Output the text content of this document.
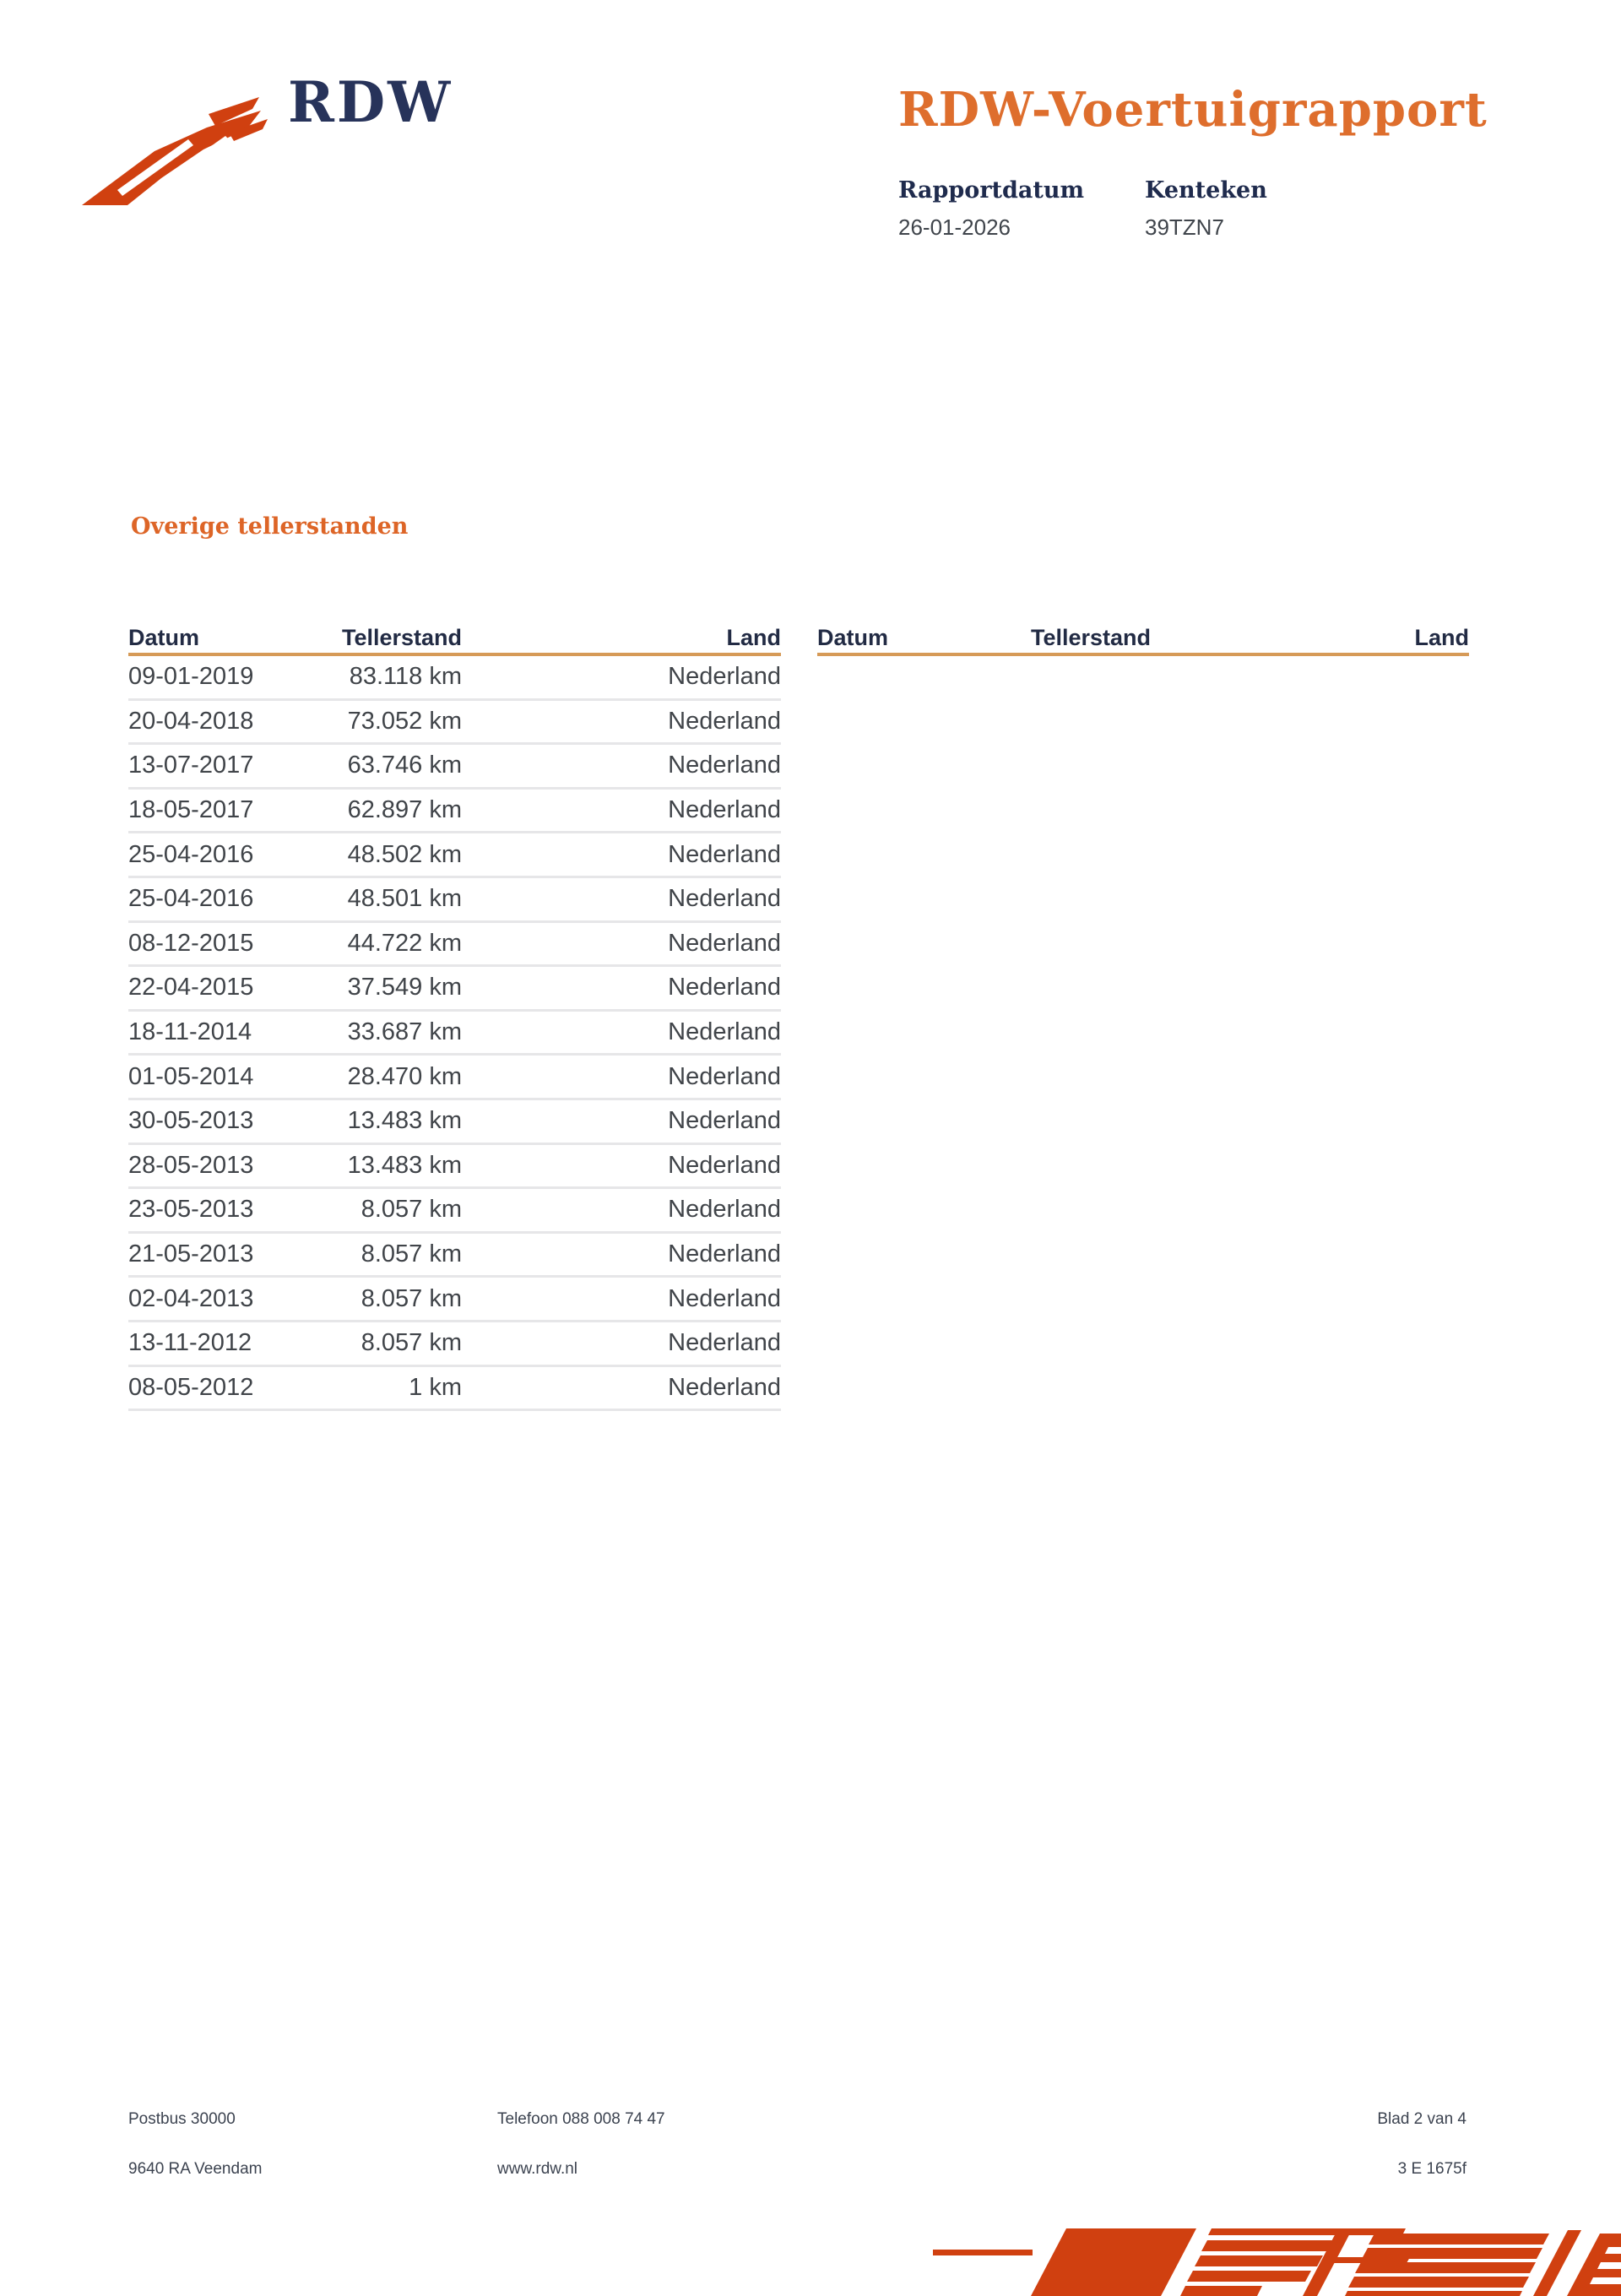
RDW	RDW-Voertuigrapport
Rapportdatum	Kenteken
26-01-2026	39TZN7
Overige tellerstanden
Datum	Tellerstand	Land
09-01-2019	83.118 km	Nederland
20-04-2018	73.052 km	Nederland
13-07-2017	63.746 km	Nederland
18-05-2017	62.897 km	Nederland
25-04-2016	48.502 km	Nederland
25-04-2016	48.501 km	Nederland
08-12-2015	44.722 km	Nederland
22-04-2015	37.549 km	Nederland
18-11-2014	33.687 km	Nederland
01-05-2014	28.470 km	Nederland
30-05-2013	13.483 km	Nederland
28-05-2013	13.483 km	Nederland
23-05-2013	8.057 km	Nederland
21-05-2013	8.057 km	Nederland
02-04-2013	8.057 km	Nederland
13-11-2012	8.057 km	Nederland
08-05-2012	1 km	Nederland
Datum	Tellerstand	Land
Postbus 30000
9640 RA Veendam
Telefoon 088 008 74 47
www.rdw.nl
Blad 2 van 4
3 E 1675f
